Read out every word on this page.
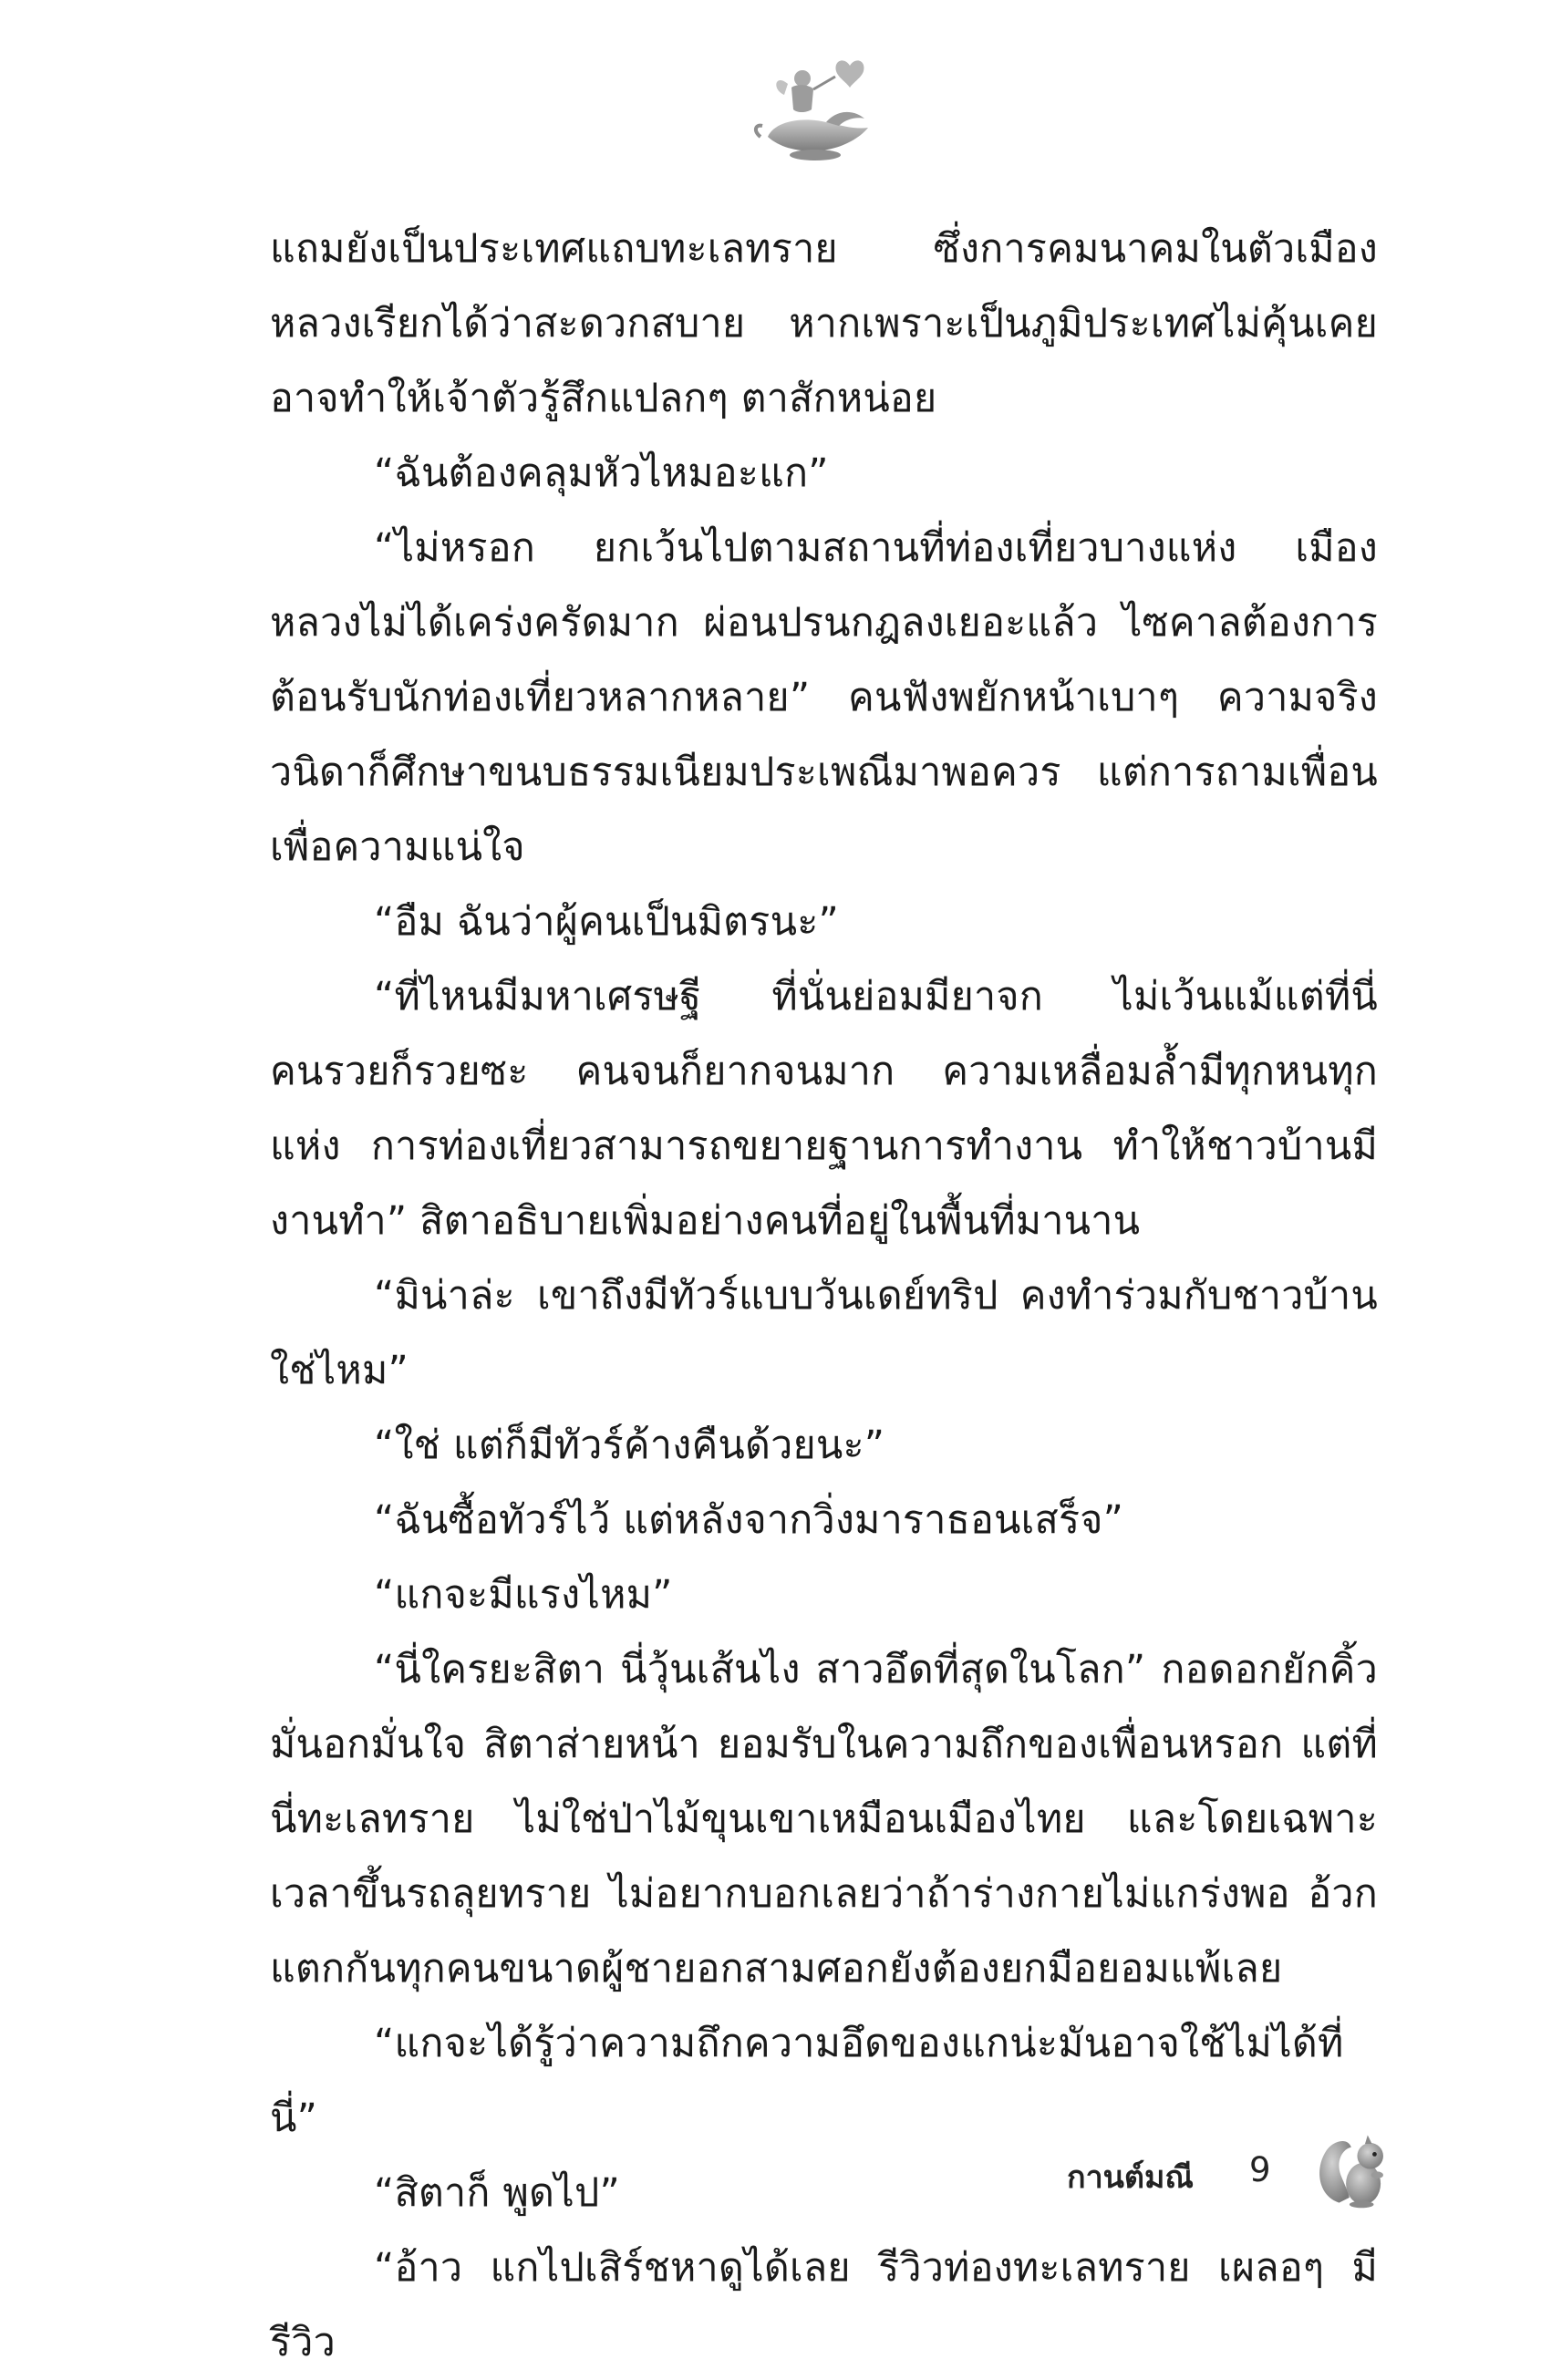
แถมยังเป็นประเทศแถบทะเลทราย ซึ่งการคมนาคมในตัวเมืองหลวงเรียกได้ว่าสะดวกสบาย หากเพราะเป็นภูมิประเทศไม่คุ้นเคยอาจทำให้เจ้าตัวรู้สึกแปลกๆ ตาสักหน่อย

“ฉันต้องคลุมหัวไหมอะแก”

“ไม่หรอก ยกเว้นไปตามสถานที่ท่องเที่ยวบางแห่ง เมืองหลวงไม่ได้เคร่งครัดมาก ผ่อนปรนกฎลงเยอะแล้ว ไซคาลต้องการต้อนรับนักท่องเที่ยวหลากหลาย” คนฟังพยักหน้าเบาๆ ความจริงวนิดาก็ศึกษาขนบธรรมเนียมประเพณีมาพอควร แต่การถามเพื่อนเพื่อความแน่ใจ

“อืม ฉันว่าผู้คนเป็นมิตรนะ”

“ที่ไหนมีมหาเศรษฐี ที่นั่นย่อมมียาจก ไม่เว้นแม้แต่ที่นี่ คนรวยก็รวยซะ คนจนก็ยากจนมาก ความเหลื่อมล้ำมีทุกหนทุกแห่ง การท่องเที่ยวสามารถขยายฐานการทำงาน ทำให้ชาวบ้านมีงานทำ” สิตาอธิบายเพิ่มอย่างคนที่อยู่ในพื้นที่มานาน

“มิน่าล่ะ เขาถึงมีทัวร์แบบวันเดย์ทริป คงทำร่วมกับชาวบ้านใช่ไหม”

“ใช่ แต่ก็มีทัวร์ค้างคืนด้วยนะ”

“ฉันซื้อทัวร์ไว้ แต่หลังจากวิ่งมาราธอนเสร็จ”

“แกจะมีแรงไหม”

“นี่ใครยะสิตา นี่วุ้นเส้นไง สาวอึดที่สุดในโลก” กอดอกยักคิ้วมั่นอกมั่นใจ สิตาส่ายหน้า ยอมรับในความถึกของเพื่อนหรอก แต่ที่นี่ทะเลทราย ไม่ใช่ป่าไม้ขุนเขาเหมือนเมืองไทย และโดยเฉพาะเวลาขึ้นรถลุยทราย ไม่อยากบอกเลยว่าถ้าร่างกายไม่แกร่งพอ อ้วกแตกกันทุกคนขนาดผู้ชายอกสามศอกยังต้องยกมือยอมแพ้เลย

“แกจะได้รู้ว่าความถึกความอึดของแกน่ะมันอาจใช้ไม่ได้ที่นี่”

“สิตาก็ พูดไป”

“อ้าว แกไปเสิร์ชหาดูได้เลย รีวิวท่องทะเลทราย เผลอๆ มีรีวิว

กานต์มณี 9
